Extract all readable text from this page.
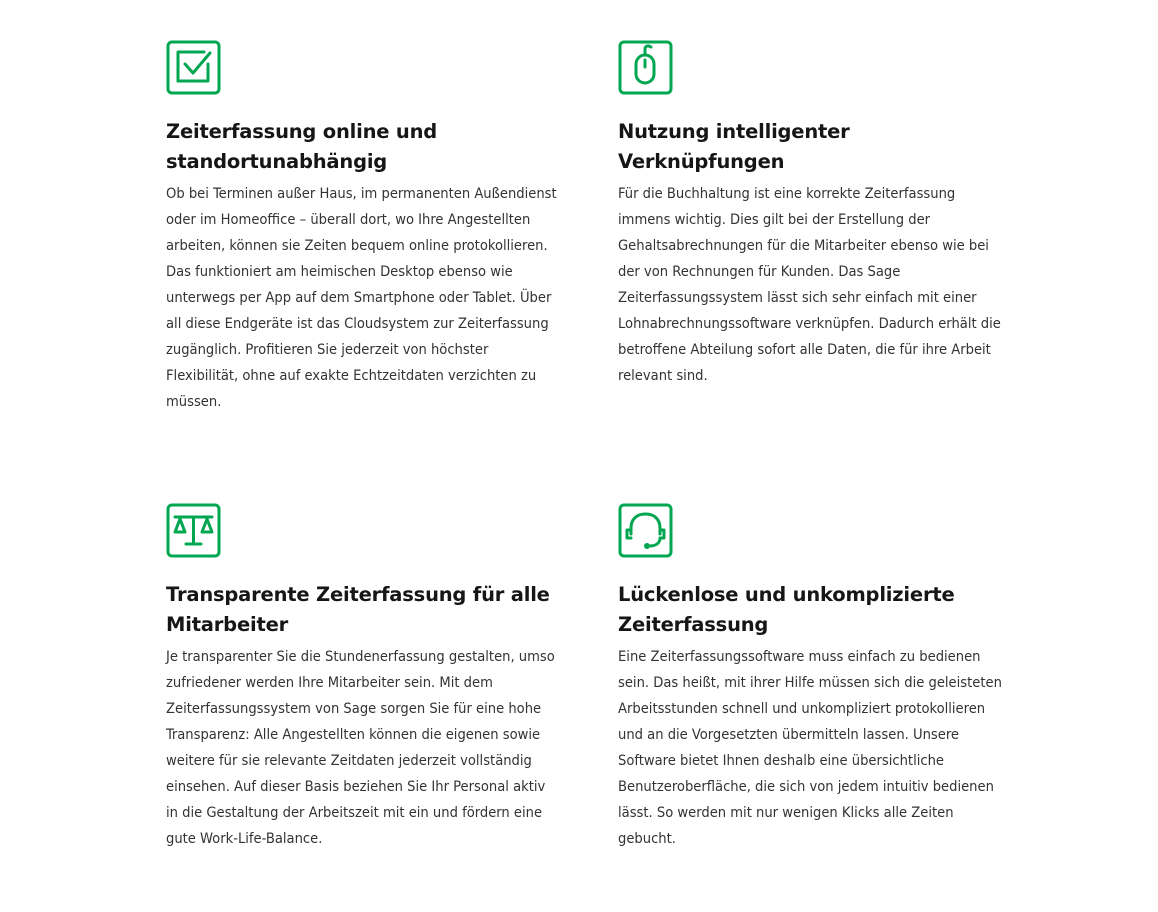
Zeiterfassung online und standortunabhängig

Ob bei Terminen außer Haus, im permanenten Außendienst oder im Homeoffice – überall dort, wo Ihre Angestellten arbeiten, können sie Zeiten bequem online protokollieren. Das funktioniert am heimischen Desktop ebenso wie unterwegs per App auf dem Smartphone oder Tablet. Über all diese Endgeräte ist das Cloudsystem zur Zeiterfassung zugänglich. Profitieren Sie jederzeit von höchster Flexibilität, ohne auf exakte Echtzeitdaten verzichten zu müssen.

Nutzung intelligenter Verknüpfungen

Für die Buchhaltung ist eine korrekte Zeiterfassung immens wichtig. Dies gilt bei der Erstellung der Gehaltsabrechnungen für die Mitarbeiter ebenso wie bei der von Rechnungen für Kunden. Das Sage Zeiterfassungssystem lässt sich sehr einfach mit einer Lohnabrechnungssoftware verknüpfen. Dadurch erhält die betroffene Abteilung sofort alle Daten, die für ihre Arbeit relevant sind.

Transparente Zeiterfassung für alle Mitarbeiter

Je transparenter Sie die Stundenerfassung gestalten, umso zufriedener werden Ihre Mitarbeiter sein. Mit dem Zeiterfassungssystem von Sage sorgen Sie für eine hohe Transparenz: Alle Angestellten können die eigenen sowie weitere für sie relevante Zeitdaten jederzeit vollständig einsehen. Auf dieser Basis beziehen Sie Ihr Personal aktiv in die Gestaltung der Arbeitszeit mit ein und fördern eine gute Work-Life-Balance.

Lückenlose und unkomplizierte Zeiterfassung

Eine Zeiterfassungssoftware muss einfach zu bedienen sein. Das heißt, mit ihrer Hilfe müssen sich die geleisteten Arbeitsstunden schnell und unkompliziert protokollieren und an die Vorgesetzten übermitteln lassen. Unsere Software bietet Ihnen deshalb eine übersichtliche Benutzeroberfläche, die sich von jedem intuitiv bedienen lässt. So werden mit nur wenigen Klicks alle Zeiten gebucht.
